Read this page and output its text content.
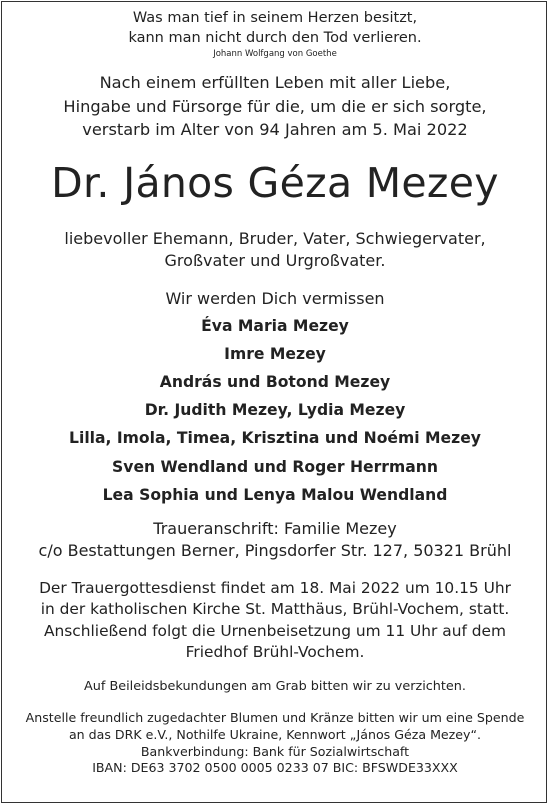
Was man tief in seinem Herzen besitzt,
kann man nicht durch den Tod verlieren.
Johann Wolfgang von Goethe
Nach einem erfüllten Leben mit aller Liebe,
Hingabe und Fürsorge für die, um die er sich sorgte,
verstarb im Alter von 94 Jahren am 5. Mai 2022
Dr. János Géza Mezey
liebevoller Ehemann, Bruder, Vater, Schwiegervater,
Großvater und Urgroßvater.
Wir werden Dich vermissen
Éva Maria Mezey
Imre Mezey
András und Botond Mezey
Dr. Judith Mezey, Lydia Mezey
Lilla, Imola, Timea, Krisztina und Noémi Mezey
Sven Wendland und Roger Herrmann
Lea Sophia und Lenya Malou Wendland
Traueranschrift: Familie Mezey
c/o Bestattungen Berner, Pingsdorfer Str. 127, 50321 Brühl
Der Trauergottesdienst findet am 18. Mai 2022 um 10.15 Uhr
in der katholischen Kirche St. Matthäus, Brühl-Vochem, statt.
Anschließend folgt die Urnenbeisetzung um 11 Uhr auf dem
Friedhof Brühl-Vochem.
Auf Beileidsbekundungen am Grab bitten wir zu verzichten.
Anstelle freundlich zugedachter Blumen und Kränze bitten wir um eine Spende
an das DRK e.V., Nothilfe Ukraine, Kennwort „János Géza Mezey“.
Bankverbindung: Bank für Sozialwirtschaft
IBAN: DE63 3702 0500 0005 0233 07 BIC: BFSWDE33XXX
